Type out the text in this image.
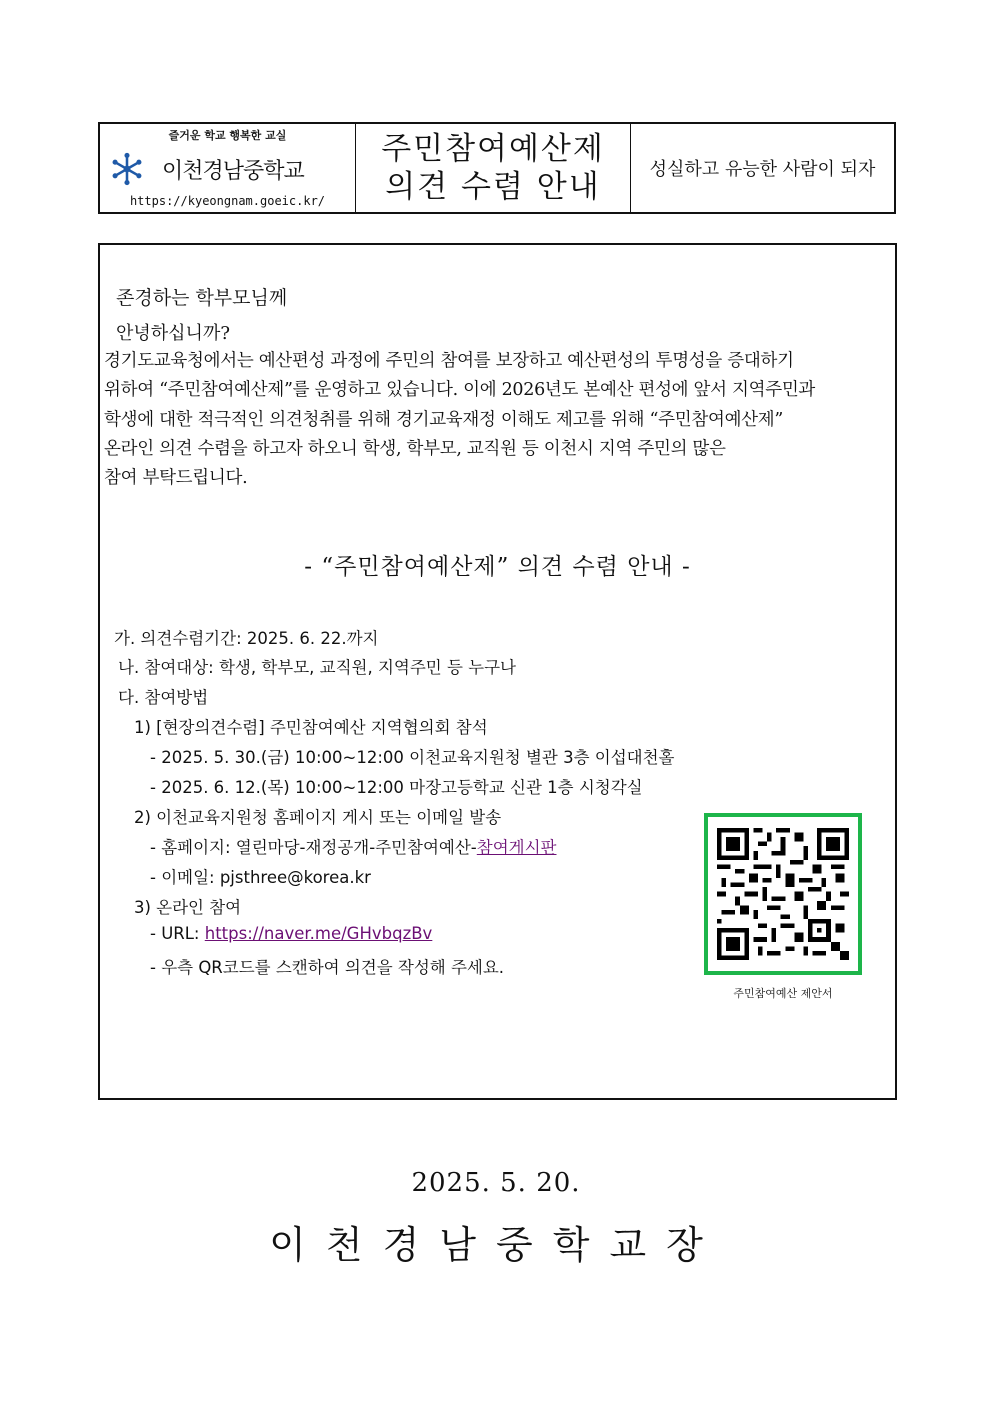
즐거운 학교 행복한 교실
이천경남중학교
https://kyeongnam.goeic.kr/
주민참여예산제
의견 수렴 안내	성실하고 유능한 사람이 되자
존경하는 학부모님께
안녕하십니까?
경기도교육청에서는 예산편성 과정에 주민의 참여를 보장하고 예산편성의 투명성을 증대하기
위하여 “주민참여예산제”를 운영하고 있습니다. 이에 2026년도 본예산 편성에 앞서 지역주민과
학생에 대한 적극적인 의견청취를 위해 경기교육재정 이해도 제고를 위해 “주민참여예산제”
온라인 의견 수렴을 하고자 하오니 학생, 학부모, 교직원 등 이천시 지역 주민의 많은
참여 부탁드립니다.
- “주민참여예산제” 의견 수렴 안내 -
가. 의견수렴기간: 2025. 6. 22.까지
나. 참여대상: 학생, 학부모, 교직원, 지역주민 등 누구나
다. 참여방법
1) [현장의견수렴] 주민참여예산 지역협의회 참석
- 2025. 5. 30.(금) 10:00~12:00 이천교육지원청 별관 3층 이섭대천홀
- 2025. 6. 12.(목) 10:00~12:00 마장고등학교 신관 1층 시청각실
2) 이천교육지원청 홈페이지 게시 또는 이메일 발송
- 홈페이지: 열린마당-재정공개-주민참여예산-참여게시판
- 이메일: pjsthree@korea.kr
3) 온라인 참여
- URL: https://naver.me/GHvbqzBv
- 우측 QR코드를 스캔하여 의견을 작성해 주세요.
주민참여예산 제안서
2025. 5. 20.
이천경남중학교장
